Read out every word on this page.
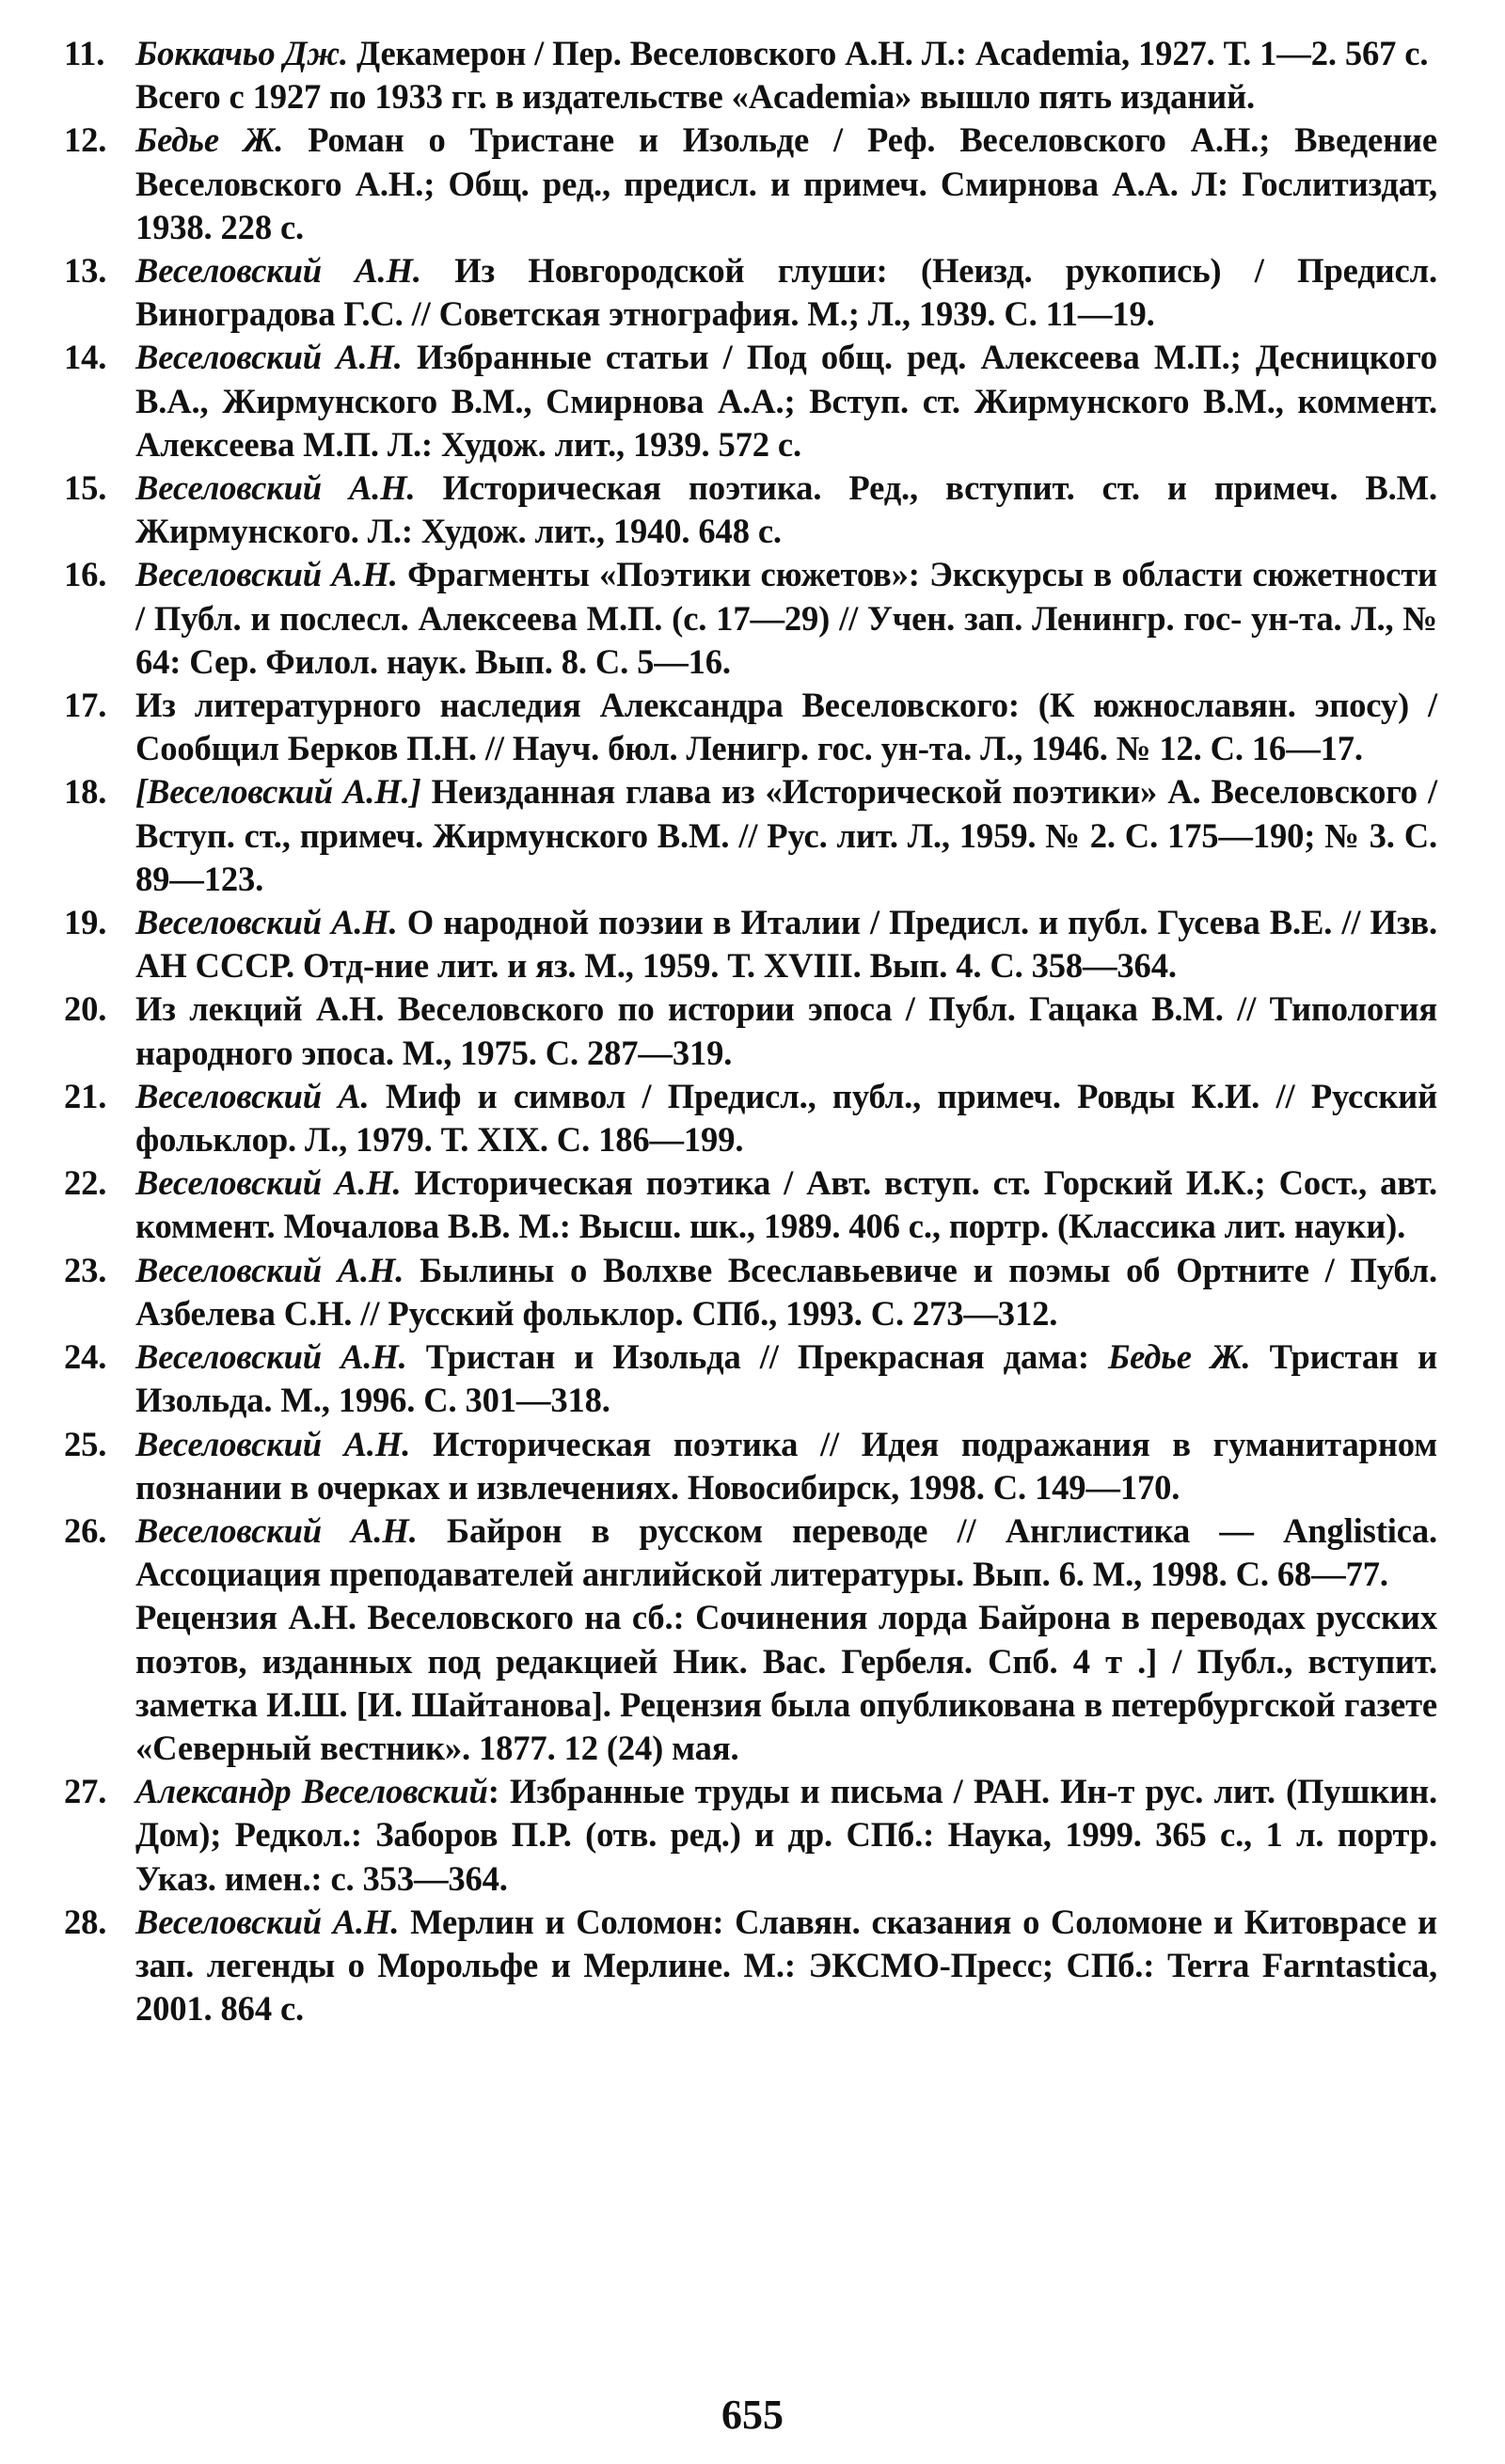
11. Боккачьо Дж. Декамерон / Пер. Веселовского А.Н. Л.: Academia, 1927. Т. 1—2. 567 с.
Всего с 1927 по 1933 гг. в издательстве «Academia» вышло пять изданий.
12. Бедье Ж. Роман о Тристане и Изольде / Реф. Веселовского А.Н.; Введение Веселовского А.Н.; Общ. ред., предисл. и примеч. Смирнова А.А. Л: Гослитиздат, 1938. 228 с.
13. Веселовский А.Н. Из Новгородской глуши: (Неизд. рукопись) / Предисл. Виноградова Г.С. // Советская этнография. М.; Л., 1939. С. 11—19.
14. Веселовский А.Н. Избранные статьи / Под общ. ред. Алексеева М.П.; Десницкого В.А., Жирмунского В.М., Смирнова А.А.; Вступ. ст. Жирмунского В.М., коммент. Алексеева М.П. Л.: Худож. лит., 1939. 572 с.
15. Веселовский А.Н. Историческая поэтика. Ред., вступит. ст. и примеч. В.М. Жирмунского. Л.: Худож. лит., 1940. 648 с.
16. Веселовский А.Н. Фрагменты «Поэтики сюжетов»: Экскурсы в области сюжетности / Публ. и послесл. Алексеева М.П. (с. 17—29) // Учен. зап. Ленингр. гос- ун-та. Л., № 64: Сер. Филол. наук. Вып. 8. С. 5—16.
17. Из литературного наследия Александра Веселовского: (К южнославян. эпосу) / Сообщил Берков П.Н. // Науч. бюл. Ленигр. гос. ун-та. Л., 1946. № 12. С. 16—17.
18. [Веселовский А.Н.] Неизданная глава из «Исторической поэтики» А. Веселовского / Вступ. ст., примеч. Жирмунского В.М. // Рус. лит. Л., 1959. № 2. С. 175—190; № 3. С. 89—123.
19. Веселовский А.Н. О народной поэзии в Италии / Предисл. и публ. Гусева В.Е. // Изв. АН СССР. Отд-ние лит. и яз. М., 1959. Т. XVIII. Вып. 4. С. 358—364.
20. Из лекций А.Н. Веселовского по истории эпоса / Публ. Гацака В.М. // Типология народного эпоса. М., 1975. С. 287—319.
21. Веселовский А. Миф и символ / Предисл., публ., примеч. Ровды К.И. // Русский фольклор. Л., 1979. Т. XIX. С. 186—199.
22. Веселовский А.Н. Историческая поэтика / Авт. вступ. ст. Горский И.К.; Сост., авт. коммент. Мочалова В.В. М.: Высш. шк., 1989. 406 с., портр. (Классика лит. науки).
23. Веселовский А.Н. Былины о Волхве Всеславьевиче и поэмы об Ортните / Публ. Азбелева С.Н. // Русский фольклор. СПб., 1993. С. 273—312.
24. Веселовский А.Н. Тристан и Изольда // Прекрасная дама: Бедье Ж. Тристан и Изольда. М., 1996. С. 301—318.
25. Веселовский А.Н. Историческая поэтика // Идея подражания в гуманитарном познании в очерках и извлечениях. Новосибирск, 1998. С. 149—170.
26. Веселовский А.Н. Байрон в русском переводе // Англистика — Anglistica. Ассоциация преподавателей английской литературы. Вып. 6. М., 1998. С. 68—77.
Рецензия А.Н. Веселовского на сб.: Сочинения лорда Байрона в переводах русских поэтов, изданных под редакцией Ник. Вас. Гербеля. Спб. 4 т .] / Публ., вступит. заметка И.Ш. [И. Шайтанова]. Рецензия была опубликована в петербургской газете «Северный вестник». 1877. 12 (24) мая.
27. Александр Веселовский: Избранные труды и письма / РАН. Ин-т рус. лит. (Пушкин. Дом); Редкол.: Заборов П.Р. (отв. ред.) и др. СПб.: Наука, 1999. 365 с., 1 л. портр. Указ. имен.: с. 353—364.
28. Веселовский А.Н. Мерлин и Соломон: Славян. сказания о Соломоне и Китоврасе и зап. легенды о Морольфе и Мерлине. М.: ЭКСМО-Пресс; СПб.: Terra Farntastica, 2001. 864 с.
655
